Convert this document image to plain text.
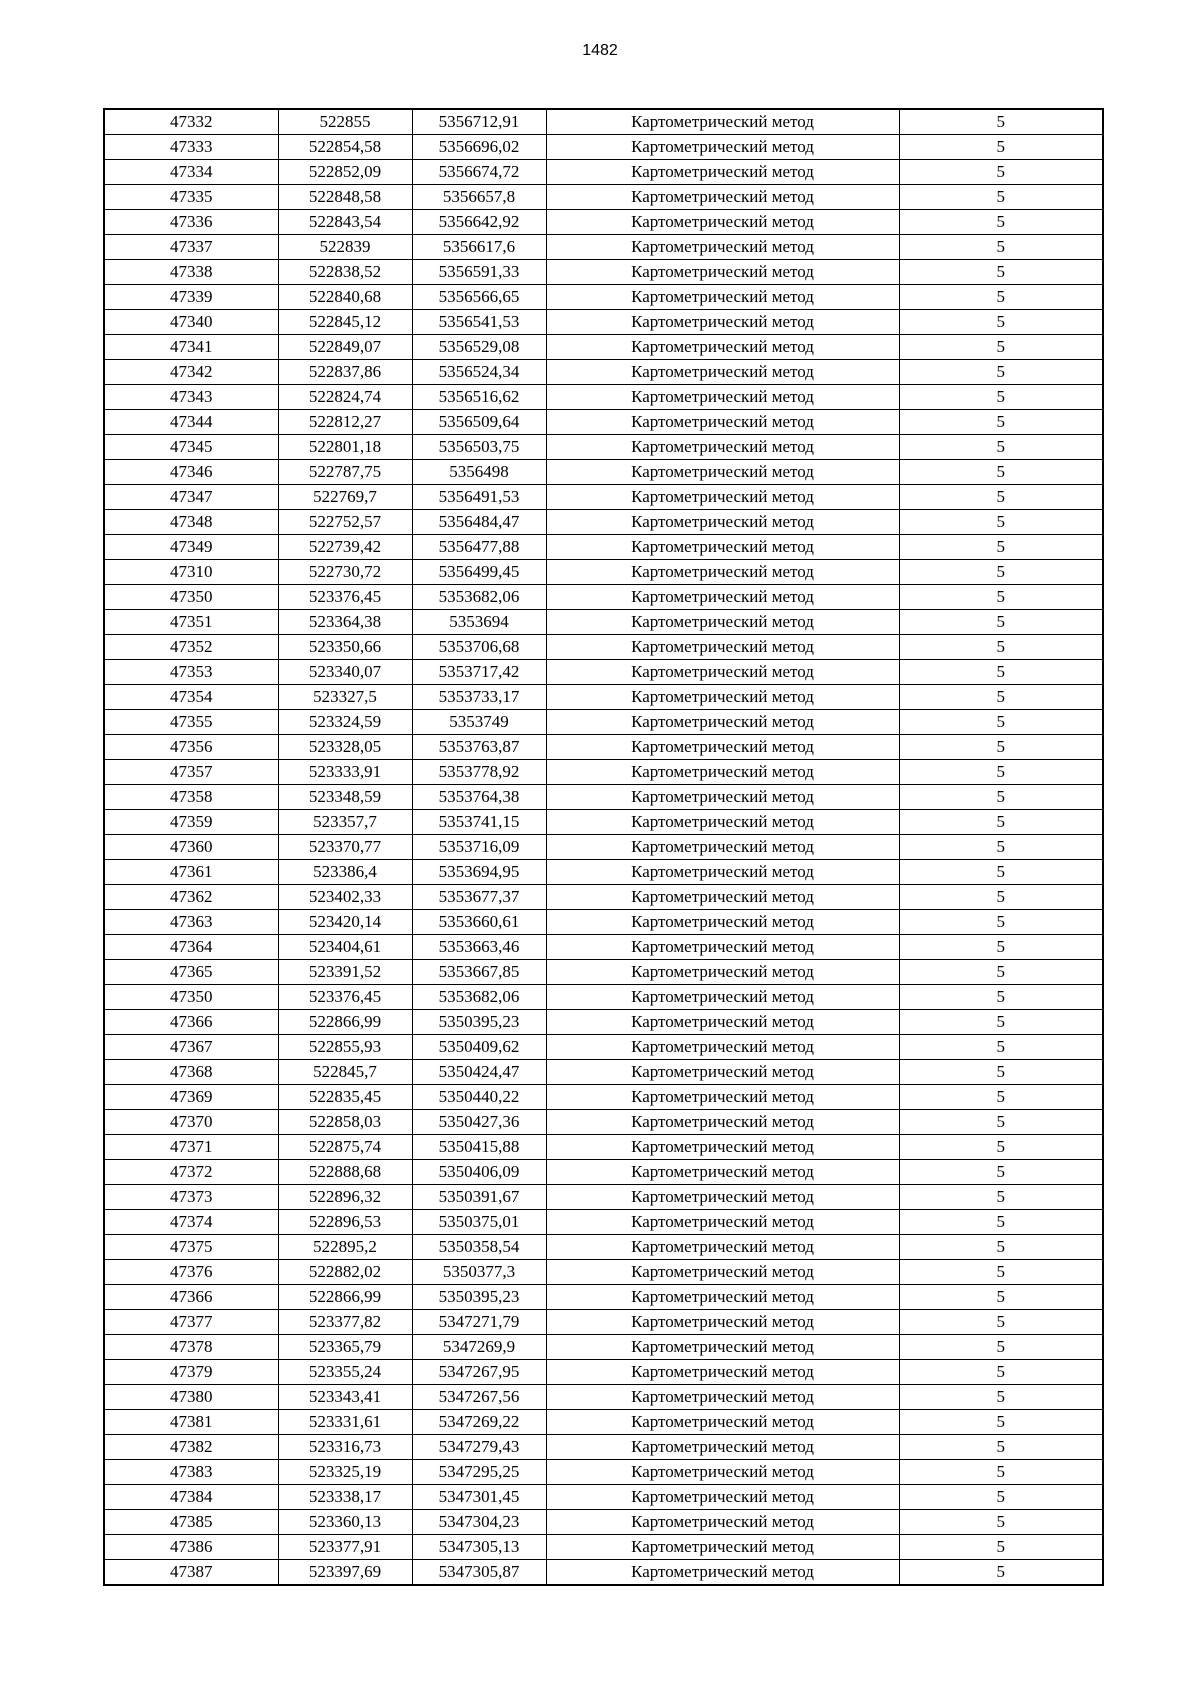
1482
47332	522855	5356712,91	Картометрический метод	5
47333	522854,58	5356696,02	Картометрический метод	5
47334	522852,09	5356674,72	Картометрический метод	5
47335	522848,58	5356657,8	Картометрический метод	5
47336	522843,54	5356642,92	Картометрический метод	5
47337	522839	5356617,6	Картометрический метод	5
47338	522838,52	5356591,33	Картометрический метод	5
47339	522840,68	5356566,65	Картометрический метод	5
47340	522845,12	5356541,53	Картометрический метод	5
47341	522849,07	5356529,08	Картометрический метод	5
47342	522837,86	5356524,34	Картометрический метод	5
47343	522824,74	5356516,62	Картометрический метод	5
47344	522812,27	5356509,64	Картометрический метод	5
47345	522801,18	5356503,75	Картометрический метод	5
47346	522787,75	5356498	Картометрический метод	5
47347	522769,7	5356491,53	Картометрический метод	5
47348	522752,57	5356484,47	Картометрический метод	5
47349	522739,42	5356477,88	Картометрический метод	5
47310	522730,72	5356499,45	Картометрический метод	5
47350	523376,45	5353682,06	Картометрический метод	5
47351	523364,38	5353694	Картометрический метод	5
47352	523350,66	5353706,68	Картометрический метод	5
47353	523340,07	5353717,42	Картометрический метод	5
47354	523327,5	5353733,17	Картометрический метод	5
47355	523324,59	5353749	Картометрический метод	5
47356	523328,05	5353763,87	Картометрический метод	5
47357	523333,91	5353778,92	Картометрический метод	5
47358	523348,59	5353764,38	Картометрический метод	5
47359	523357,7	5353741,15	Картометрический метод	5
47360	523370,77	5353716,09	Картометрический метод	5
47361	523386,4	5353694,95	Картометрический метод	5
47362	523402,33	5353677,37	Картометрический метод	5
47363	523420,14	5353660,61	Картометрический метод	5
47364	523404,61	5353663,46	Картометрический метод	5
47365	523391,52	5353667,85	Картометрический метод	5
47350	523376,45	5353682,06	Картометрический метод	5
47366	522866,99	5350395,23	Картометрический метод	5
47367	522855,93	5350409,62	Картометрический метод	5
47368	522845,7	5350424,47	Картометрический метод	5
47369	522835,45	5350440,22	Картометрический метод	5
47370	522858,03	5350427,36	Картометрический метод	5
47371	522875,74	5350415,88	Картометрический метод	5
47372	522888,68	5350406,09	Картометрический метод	5
47373	522896,32	5350391,67	Картометрический метод	5
47374	522896,53	5350375,01	Картометрический метод	5
47375	522895,2	5350358,54	Картометрический метод	5
47376	522882,02	5350377,3	Картометрический метод	5
47366	522866,99	5350395,23	Картометрический метод	5
47377	523377,82	5347271,79	Картометрический метод	5
47378	523365,79	5347269,9	Картометрический метод	5
47379	523355,24	5347267,95	Картометрический метод	5
47380	523343,41	5347267,56	Картометрический метод	5
47381	523331,61	5347269,22	Картометрический метод	5
47382	523316,73	5347279,43	Картометрический метод	5
47383	523325,19	5347295,25	Картометрический метод	5
47384	523338,17	5347301,45	Картометрический метод	5
47385	523360,13	5347304,23	Картометрический метод	5
47386	523377,91	5347305,13	Картометрический метод	5
47387	523397,69	5347305,87	Картометрический метод	5
